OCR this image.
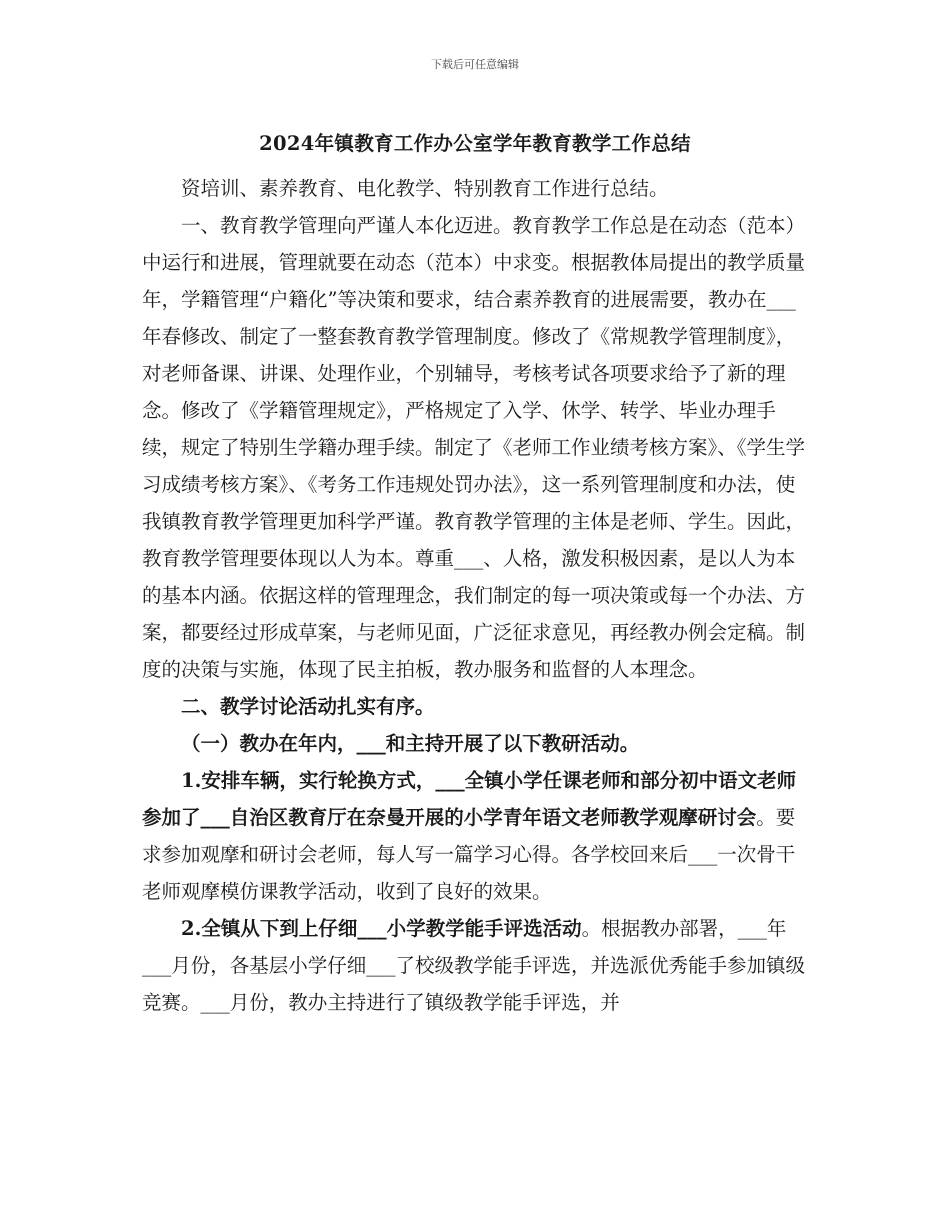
下载后可任意编辑
2024年镇教育工作办公室学年教育教学工作总结

资培训、素养教育、电化教学、特别教育工作进行总结。

一、教育教学管理向严谨人本化迈进。教育教学工作总是在动态（范本）中运行和进展，管理就要在动态（范本）中求变。根据教体局提出的教学质量年，学籍管理“户籍化”等决策和要求，结合素养教育的进展需要，教办在___年春修改、制定了一整套教育教学管理制度。修改了《常规教学管理制度》，对老师备课、讲课、处理作业，个别辅导，考核考试各项要求给予了新的理念。修改了《学籍管理规定》，严格规定了入学、休学、转学、毕业办理手续，规定了特别生学籍办理手续。制定了《老师工作业绩考核方案》、《学生学习成绩考核方案》、《考务工作违规处罚办法》，这一系列管理制度和办法，使我镇教育教学管理更加科学严谨。教育教学管理的主体是老师、学生。因此，教育教学管理要体现以人为本。尊重___、人格，激发积极因素，是以人为本的基本内涵。依据这样的管理理念，我们制定的每一项决策或每一个办法、方案，都要经过形成草案，与老师见面，广泛征求意见，再经教办例会定稿。制度的决策与实施，体现了民主拍板，教办服务和监督的人本理念。

二、教学讨论活动扎实有序。

（一）教办在年内，___和主持开展了以下教研活动。

1.安排车辆，实行轮换方式，___全镇小学任课老师和部分初中语文老师参加了___自治区教育厅在奈曼开展的小学青年语文老师教学观摩研讨会。要求参加观摩和研讨会老师，每人写一篇学习心得。各学校回来后___一次骨干老师观摩模仿课教学活动，收到了良好的效果。

2.全镇从下到上仔细___小学教学能手评选活动。根据教办部署，___年___月份，各基层小学仔细___了校级教学能手评选，并选派优秀能手参加镇级竞赛。___月份，教办主持进行了镇级教学能手评选，并
